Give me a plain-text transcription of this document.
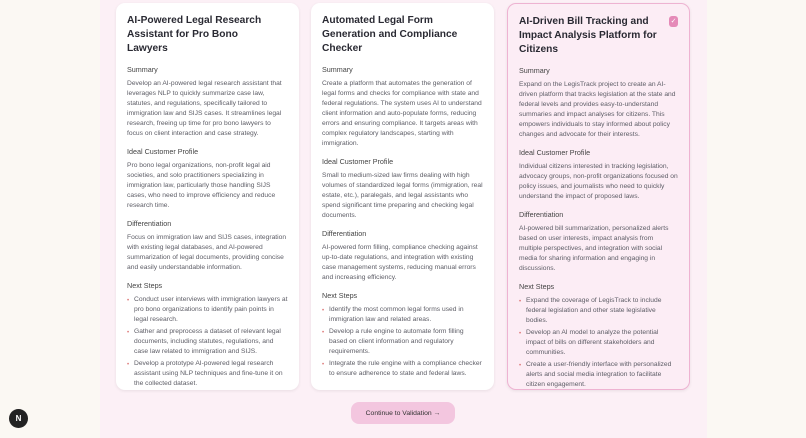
AI-Powered Legal Research Assistant for Pro Bono Lawyers
Summary
Develop an AI-powered legal research assistant that leverages NLP to quickly summarize case law, statutes, and regulations, specifically tailored to immigration law and SIJS cases. It streamlines legal research, freeing up time for pro bono lawyers to focus on client interaction and case strategy.
Ideal Customer Profile
Pro bono legal organizations, non-profit legal aid societies, and solo practitioners specializing in immigration law, particularly those handling SIJS cases, who need to improve efficiency and reduce research time.
Differentiation
Focus on immigration law and SIJS cases, integration with existing legal databases, and AI-powered summarization of legal documents, providing concise and easily understandable information.
Next Steps
• Conduct user interviews with immigration lawyers at pro bono organizations to identify pain points in legal research.
• Gather and preprocess a dataset of relevant legal documents, including statutes, regulations, and case law related to immigration and SIJS.
• Develop a prototype AI-powered legal research assistant using NLP techniques and fine-tune it on the collected dataset.
Automated Legal Form Generation and Compliance Checker
Summary
Create a platform that automates the generation of legal forms and checks for compliance with state and federal regulations. The system uses AI to understand client information and auto-populate forms, reducing errors and ensuring compliance. It targets areas with complex regulatory landscapes, starting with immigration.
Ideal Customer Profile
Small to medium-sized law firms dealing with high volumes of standardized legal forms (immigration, real estate, etc.), paralegals, and legal assistants who spend significant time preparing and checking legal documents.
Differentiation
AI-powered form filling, compliance checking against up-to-date regulations, and integration with existing case management systems, reducing manual errors and increasing efficiency.
Next Steps
• Identify the most common legal forms used in immigration law and related areas.
• Develop a rule engine to automate form filling based on client information and regulatory requirements.
• Integrate the rule engine with a compliance checker to ensure adherence to state and federal laws.
✓
AI-Driven Bill Tracking and Impact Analysis Platform for Citizens
Summary
Expand on the LegisTrack project to create an AI-driven platform that tracks legislation at the state and federal levels and provides easy-to-understand summaries and impact analyses for citizens. This empowers individuals to stay informed about policy changes and advocate for their interests.
Ideal Customer Profile
Individual citizens interested in tracking legislation, advocacy groups, non-profit organizations focused on policy issues, and journalists who need to quickly understand the impact of proposed laws.
Differentiation
AI-powered bill summarization, personalized alerts based on user interests, impact analysis from multiple perspectives, and integration with social media for sharing information and engaging in discussions.
Next Steps
• Expand the coverage of LegisTrack to include federal legislation and other state legislative bodies.
• Develop an AI model to analyze the potential impact of bills on different stakeholders and communities.
• Create a user-friendly interface with personalized alerts and social media integration to facilitate citizen engagement.
Continue to Validation →
N
